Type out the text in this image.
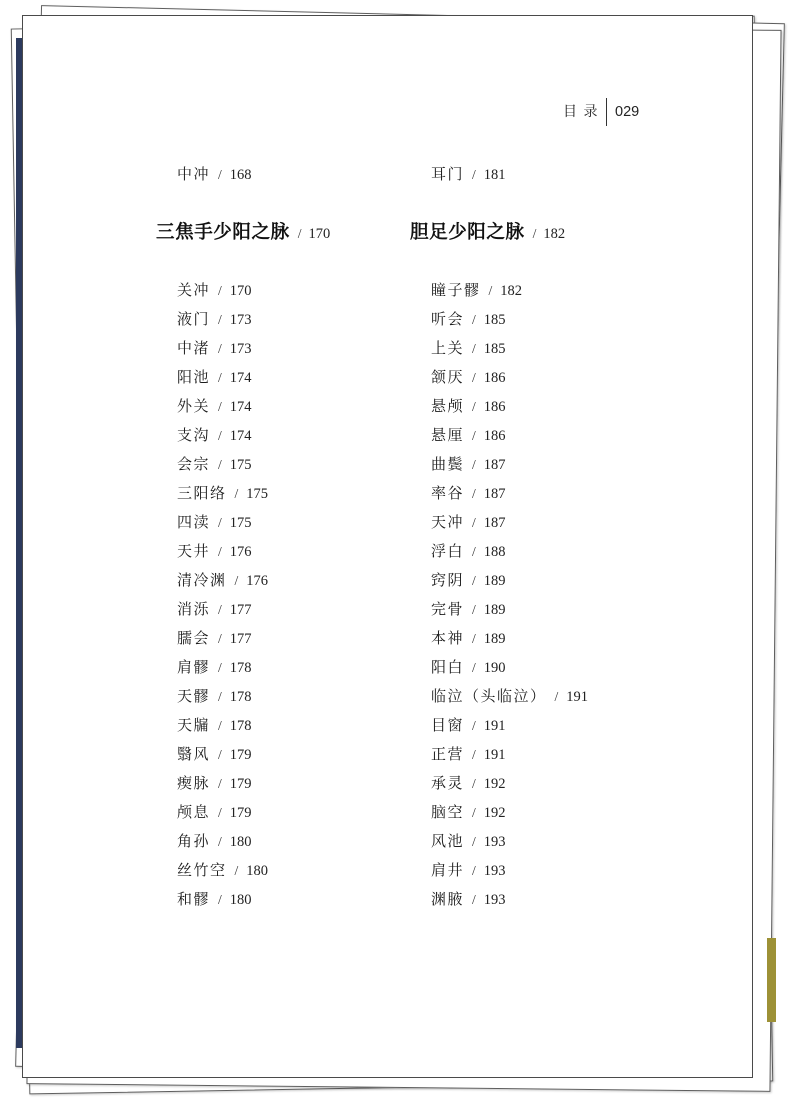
目 录 029
中冲 / 168
三焦手少阳之脉 / 170
关冲 / 170
液门 / 173
中渚 / 173
阳池 / 174
外关 / 174
支沟 / 174
会宗 / 175
三阳络 / 175
四渎 / 175
天井 / 176
清冷渊 / 176
消泺 / 177
臑会 / 177
肩髎 / 178
天髎 / 178
天牖 / 178
翳风 / 179
瘈脉 / 179
颅息 / 179
角孙 / 180
丝竹空 / 180
和髎 / 180
耳门 / 181
胆足少阳之脉 / 182
瞳子髎 / 182
听会 / 185
上关 / 185
颔厌 / 186
悬颅 / 186
悬厘 / 186
曲鬓 / 187
率谷 / 187
天冲 / 187
浮白 / 188
窍阴 / 189
完骨 / 189
本神 / 189
阳白 / 190
临泣（头临泣） / 191
目窗 / 191
正营 / 191
承灵 / 192
脑空 / 192
风池 / 193
肩井 / 193
渊腋 / 193
